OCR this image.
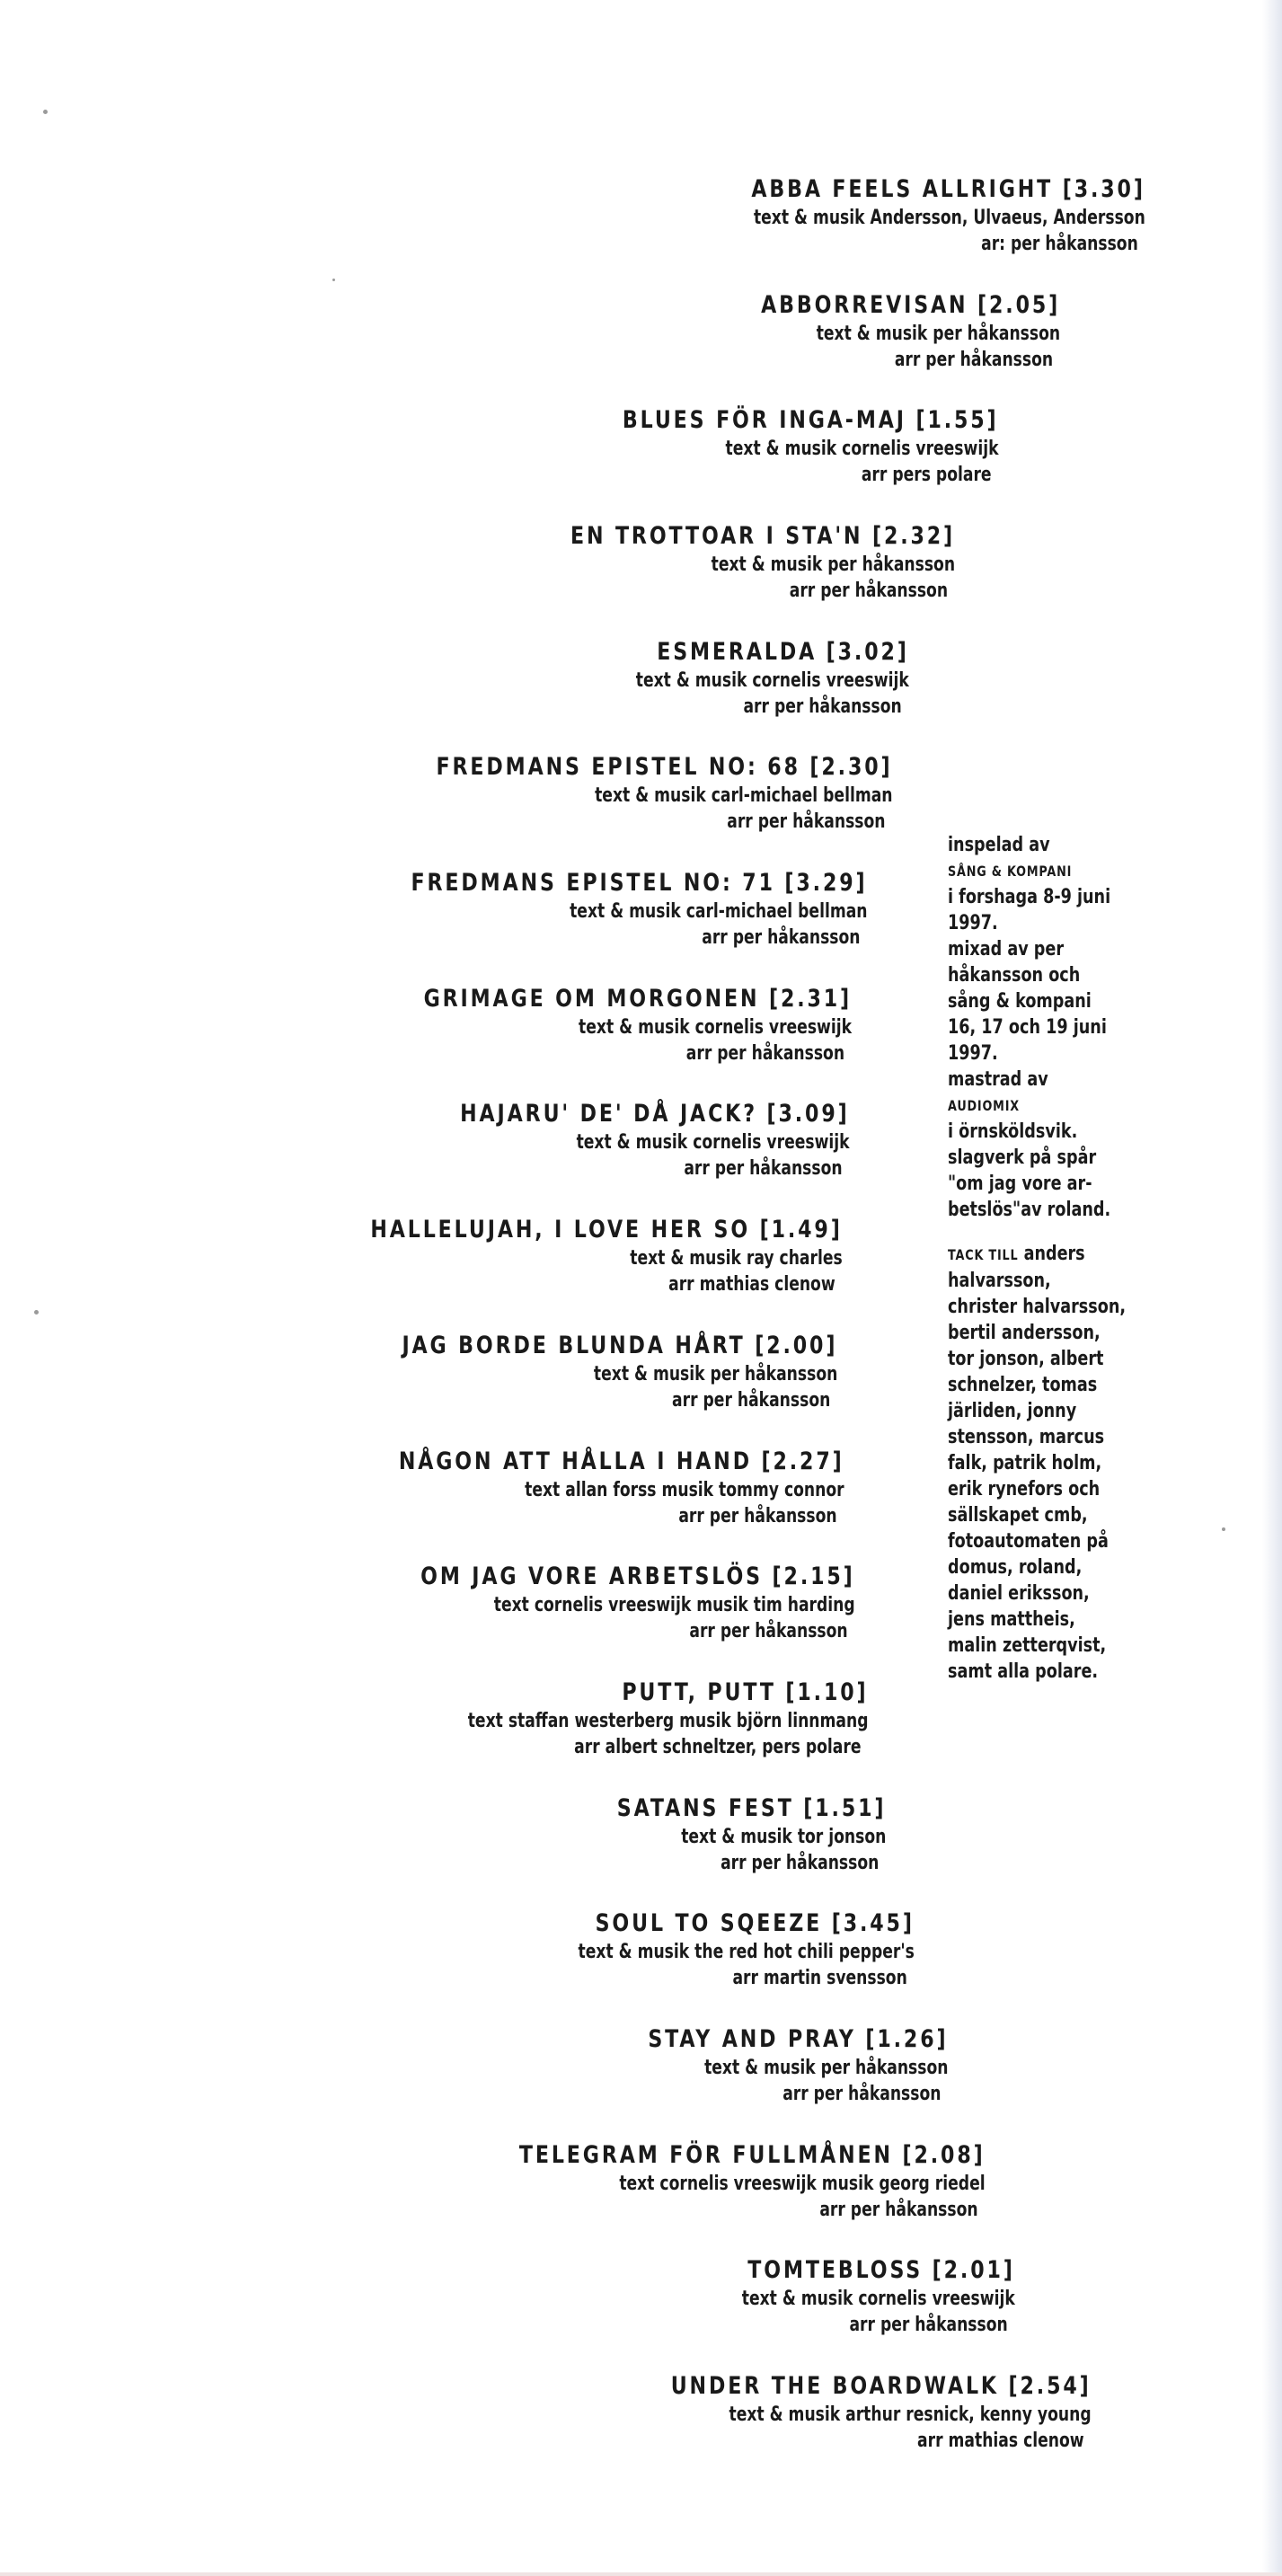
ABBA FEELS ALLRIGHT [3.30]
text & musik Andersson, Ulvaeus, Andersson
ar: per håkansson
ABBORREVISAN [2.05]
text & musik per håkansson
arr per håkansson
BLUES FÖR INGA-MAJ [1.55]
text & musik cornelis vreeswijk
arr pers polare
EN TROTTOAR I STA'N [2.32]
text & musik per håkansson
arr per håkansson
ESMERALDA [3.02]
text & musik cornelis vreeswijk
arr per håkansson
FREDMANS EPISTEL NO: 68 [2.30]
text & musik carl-michael bellman
arr per håkansson
FREDMANS EPISTEL NO: 71 [3.29]
text & musik carl-michael bellman
arr per håkansson
GRIMAGE OM MORGONEN [2.31]
text & musik cornelis vreeswijk
arr per håkansson
HAJARU' DE' DÅ JACK? [3.09]
text & musik cornelis vreeswijk
arr per håkansson
HALLELUJAH, I LOVE HER SO [1.49]
text & musik ray charles
arr mathias clenow
JAG BORDE BLUNDA HÅRT [2.00]
text & musik per håkansson
arr per håkansson
NÅGON ATT HÅLLA I HAND [2.27]
text allan forss musik tommy connor
arr per håkansson
OM JAG VORE ARBETSLÖS [2.15]
text cornelis vreeswijk musik tim harding
arr per håkansson
PUTT, PUTT [1.10]
text staffan westerberg musik björn linnmang
arr albert schneltzer, pers polare
SATANS FEST [1.51]
text & musik tor jonson
arr per håkansson
SOUL TO SQEEZE [3.45]
text & musik the red hot chili pepper's
arr martin svensson
STAY AND PRAY [1.26]
text & musik per håkansson
arr per håkansson
TELEGRAM FÖR FULLMÅNEN [2.08]
text cornelis vreeswijk musik georg riedel
arr per håkansson
TOMTEBLOSS [2.01]
text & musik cornelis vreeswijk
arr per håkansson
UNDER THE BOARDWALK [2.54]
text & musik arthur resnick, kenny young
arr mathias clenow
inspelad av
SÅNG & KOMPANI
i forshaga 8-9 juni
1997.
mixad av per
håkansson och
sång & kompani
16, 17 och 19 juni
1997.
mastrad av
AUDIOMIX
i örnsköldsvik.
slagverk på spår
"om jag vore ar-
betslös"av roland.
TACK TILL anders
halvarsson,
christer halvarsson,
bertil andersson,
tor jonson, albert
schnelzer, tomas
järliden, jonny
stensson, marcus
falk, patrik holm,
erik rynefors och
sällskapet cmb,
fotoautomaten på
domus, roland,
daniel eriksson,
jens mattheis,
malin zetterqvist,
samt alla polare.
